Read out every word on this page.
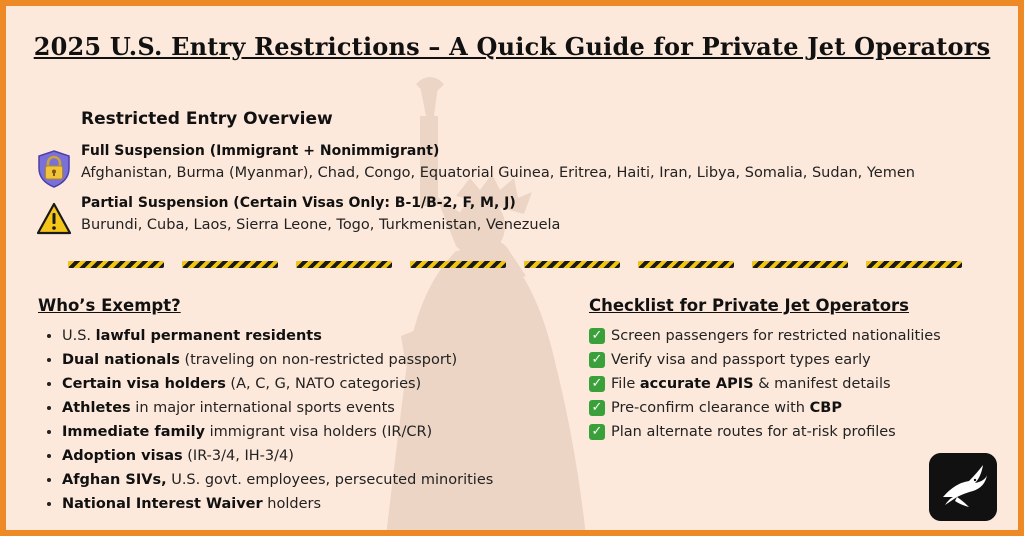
2025 U.S. Entry Restrictions – A Quick Guide for Private Jet Operators
Restricted Entry Overview
Full Suspension (Immigrant + Nonimmigrant)
Afghanistan, Burma (Myanmar), Chad, Congo, Equatorial Guinea, Eritrea, Haiti, Iran, Libya, Somalia, Sudan, Yemen
Partial Suspension (Certain Visas Only: B-1/B-2, F, M, J)
Burundi, Cuba, Laos, Sierra Leone, Togo, Turkmenistan, Venezuela
Who’s Exempt?
• U.S. lawful permanent residents
• Dual nationals (traveling on non-restricted passport)
• Certain visa holders (A, C, G, NATO categories)
• Athletes in major international sports events
• Immediate family immigrant visa holders (IR/CR)
• Adoption visas (IR-3/4, IH-3/4)
• Afghan SIVs, U.S. govt. employees, persecuted minorities
• National Interest Waiver holders
Checklist for Private Jet Operators
✓ Screen passengers for restricted nationalities
✓ Verify visa and passport types early
✓ File accurate APIS & manifest details
✓ Pre-confirm clearance with CBP
✓ Plan alternate routes for at-risk profiles
